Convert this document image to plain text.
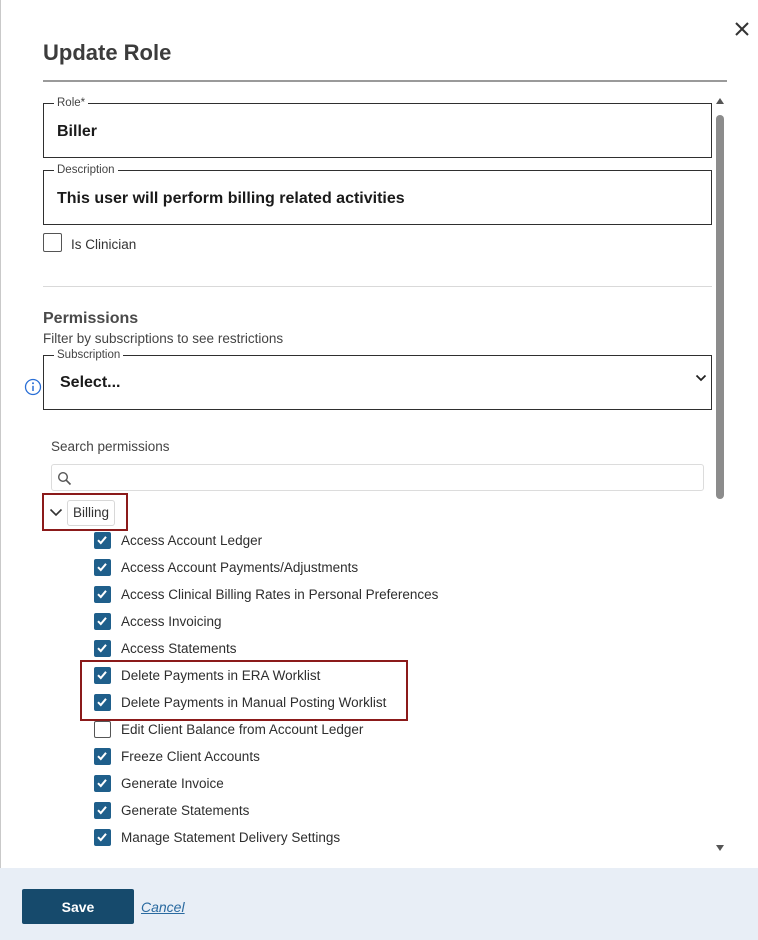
Update Role
Role*
Biller
Description
This user will perform billing related activities
Is Clinician
Permissions
Filter by subscriptions to see restrictions
Subscription
Select...
Search permissions
Billing
Access Account Ledger
Access Account Payments/Adjustments
Access Clinical Billing Rates in Personal Preferences
Access Invoicing
Access Statements
Delete Payments in ERA Worklist
Delete Payments in Manual Posting Worklist
Edit Client Balance from Account Ledger
Freeze Client Accounts
Generate Invoice
Generate Statements
Manage Statement Delivery Settings
Save	Cancel
